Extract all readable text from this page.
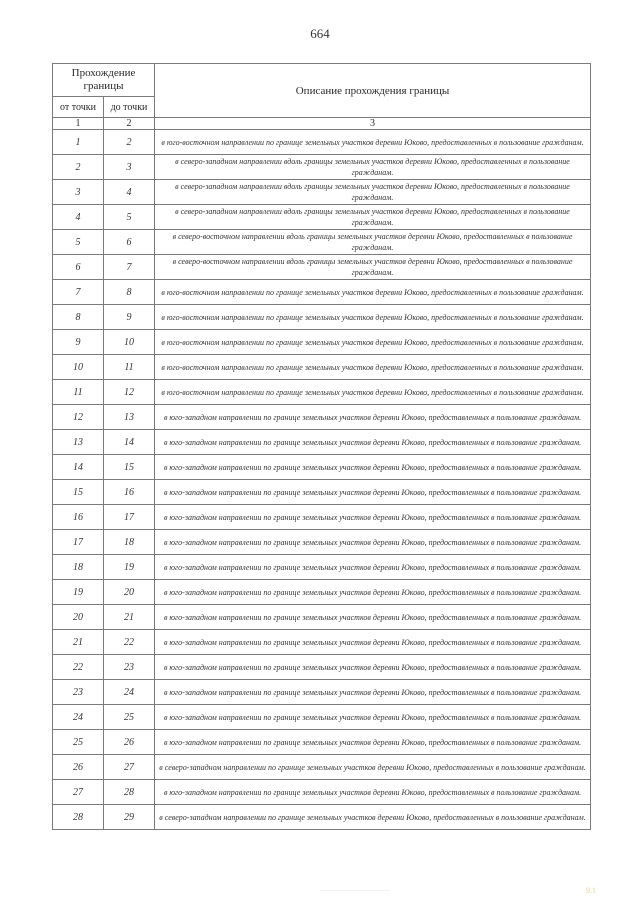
664
Прохождение границы		Описание прохождения границы
от точки	до точки	
1	2	3
1	2	в юго-восточном направлении по границе земельных участков деревни Юково, предоставленных в пользование гражданам.
2	3	в северо-западном направлении вдоль границы земельных участков деревни Юково, предоставленных в пользование гражданам.
3	4	в северо-западном направлении вдоль границы земельных участков деревни Юково, предоставленных в пользование гражданам.
4	5	в северо-западном направлении вдоль границы земельных участков деревни Юково, предоставленных в пользование гражданам.
5	6	в северо-восточном направлении вдоль границы земельных участков деревни Юково, предоставленных в пользование гражданам.
6	7	в северо-восточном направлении вдоль границы земельных участков деревни Юково, предоставленных в пользование гражданам.
7	8	в юго-восточном направлении по границе земельных участков деревни Юково, предоставленных в пользование гражданам.
8	9	в юго-восточном направлении по границе земельных участков деревни Юково, предоставленных в пользование гражданам.
9	10	в юго-восточном направлении по границе земельных участков деревни Юково, предоставленных в пользование гражданам.
10	11	в юго-восточном направлении по границе земельных участков деревни Юково, предоставленных в пользование гражданам.
11	12	в юго-восточном направлении по границе земельных участков деревни Юково, предоставленных в пользование гражданам.
12	13	в юго-западном направлении по границе земельных участков деревни Юково, предоставленных в пользование гражданам.
13	14	в юго-западном направлении по границе земельных участков деревни Юково, предоставленных в пользование гражданам.
14	15	в юго-западном направлении по границе земельных участков деревни Юково, предоставленных в пользование гражданам.
15	16	в юго-западном направлении по границе земельных участков деревни Юково, предоставленных в пользование гражданам.
16	17	в юго-западном направлении по границе земельных участков деревни Юково, предоставленных в пользование гражданам.
17	18	в юго-западном направлении по границе земельных участков деревни Юково, предоставленных в пользование гражданам.
18	19	в юго-западном направлении по границе земельных участков деревни Юково, предоставленных в пользование гражданам.
19	20	в юго-западном направлении по границе земельных участков деревни Юково, предоставленных в пользование гражданам.
20	21	в юго-западном направлении по границе земельных участков деревни Юково, предоставленных в пользование гражданам.
21	22	в юго-западном направлении по границе земельных участков деревни Юково, предоставленных в пользование гражданам.
22	23	в юго-западном направлении по границе земельных участков деревни Юково, предоставленных в пользование гражданам.
23	24	в юго-западном направлении по границе земельных участков деревни Юково, предоставленных в пользование гражданам.
24	25	в юго-западном направлении по границе земельных участков деревни Юково, предоставленных в пользование гражданам.
25	26	в юго-западном направлении по границе земельных участков деревни Юково, предоставленных в пользование гражданам.
26	27	в северо-западном направлении по границе земельных участков деревни Юково, предоставленных в пользование гражданам.
27	28	в юго-западном направлении по границе земельных участков деревни Юково, предоставленных в пользование гражданам.
28	29	в северо-западном направлении по границе земельных участков деревни Юково, предоставленных в пользование гражданам.
9.1
